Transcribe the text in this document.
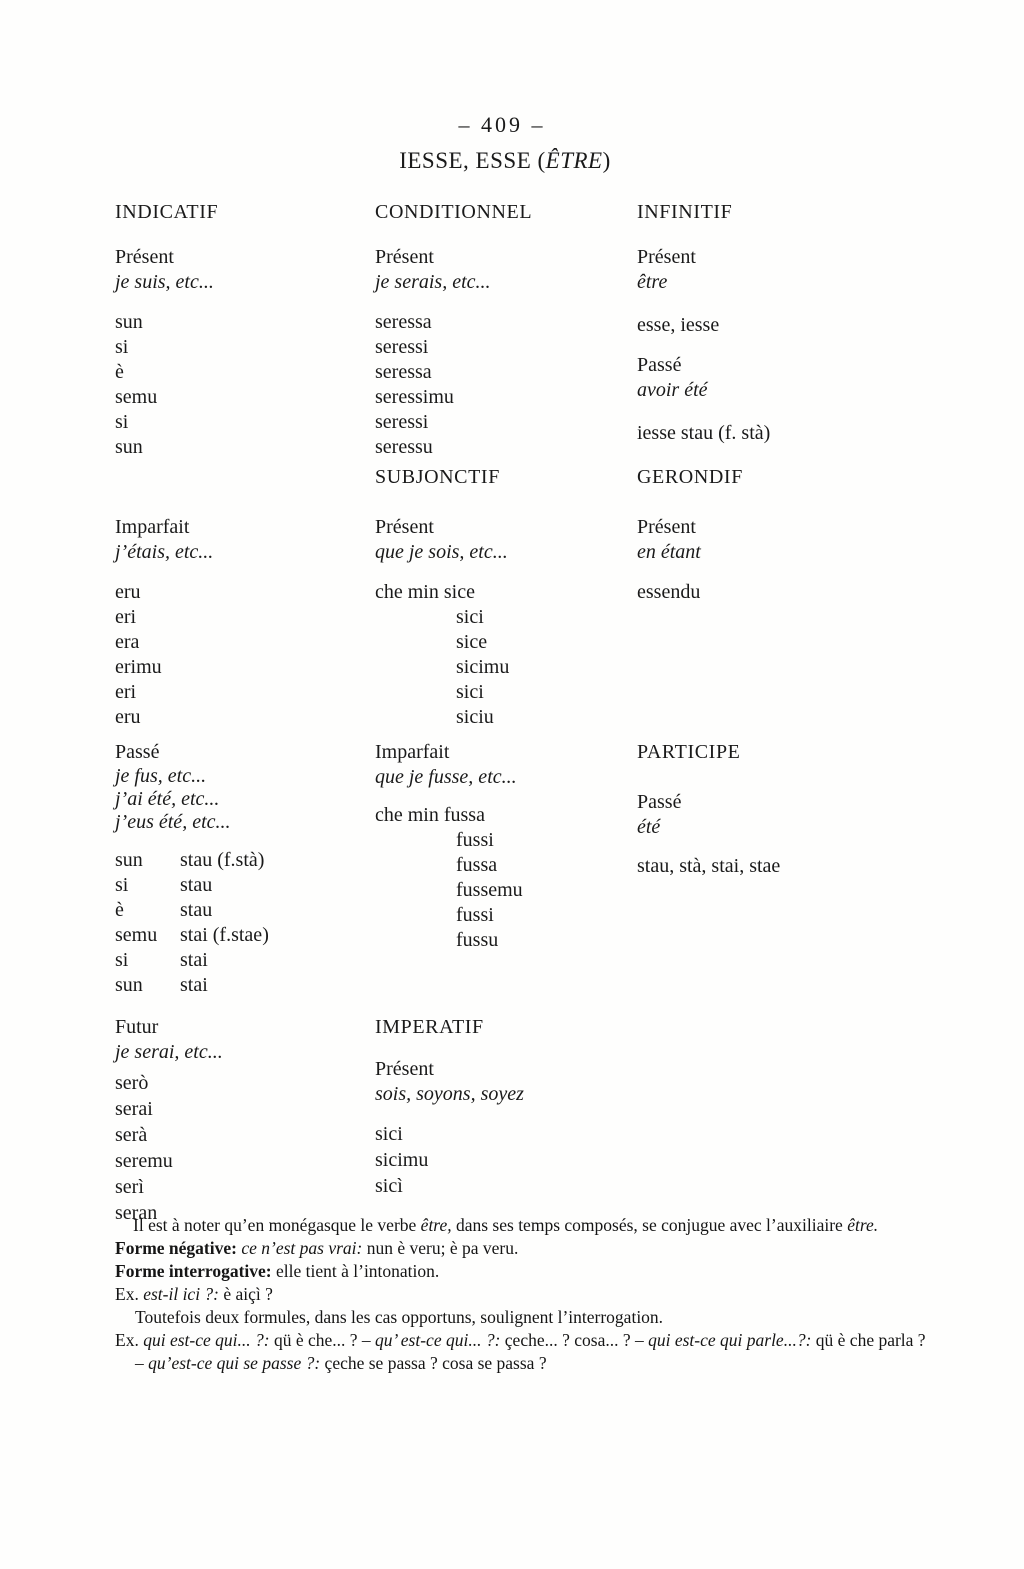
– 409 –
IESSE, ESSE (ÊTRE)
INDICATIF
Présent
je suis, etc...
sun
si
è
semu
si
sun
Imparfait
j’étais, etc...
eru
eri
era
erimu
eri
eru
Passé
je fus, etc...
j’ai été, etc...
j’eus été, etc...
sun stau (f.stà)
si	stau
è	stau
semu stai (f.stae)
si	stai
sun stai
Futur
je serai, etc...
serò
serai
serà
seremu
serì
seran
CONDITIONNEL
Présent
je serais, etc...
seressa
seressi
seressa
seressimu
seressi
seressu
SUBJONCTIF
Présent
que je sois, etc...
che min sice
sici
sice
sicimu
sici
siciu
Imparfait
que je fusse, etc...
che min fussa
fussi
fussa
fussemu
fussi
fussu
IMPERATIF
Présent
sois, soyons, soyez
sici
sicimu
sicì
INFINITIF
Présent
être
esse, iesse
Passé
avoir été
iesse stau (f. stà)
GERONDIF
Présent
en étant
essendu
PARTICIPE
Passé
été
stau, stà, stai, stae

Il est à noter qu’en monégasque le verbe être, dans ses temps composés, se conjugue avec l’auxiliaire être.

Forme négative: ce n’est pas vrai: nun è veru; è pa veru.

Forme interrogative: elle tient à l’intonation.

Ex. est-il ici ?: è aiçì ?

Toutefois deux formules, dans les cas opportuns, soulignent l’interrogation.

Ex. qui est-ce qui... ?: qü è che... ? – qu’ est-ce qui... ?: çeche... ? cosa... ? – qui est-ce qui parle...?: qü è che parla ? – qu’est-ce qui se passe ?: çeche se passa ? cosa se passa ?
